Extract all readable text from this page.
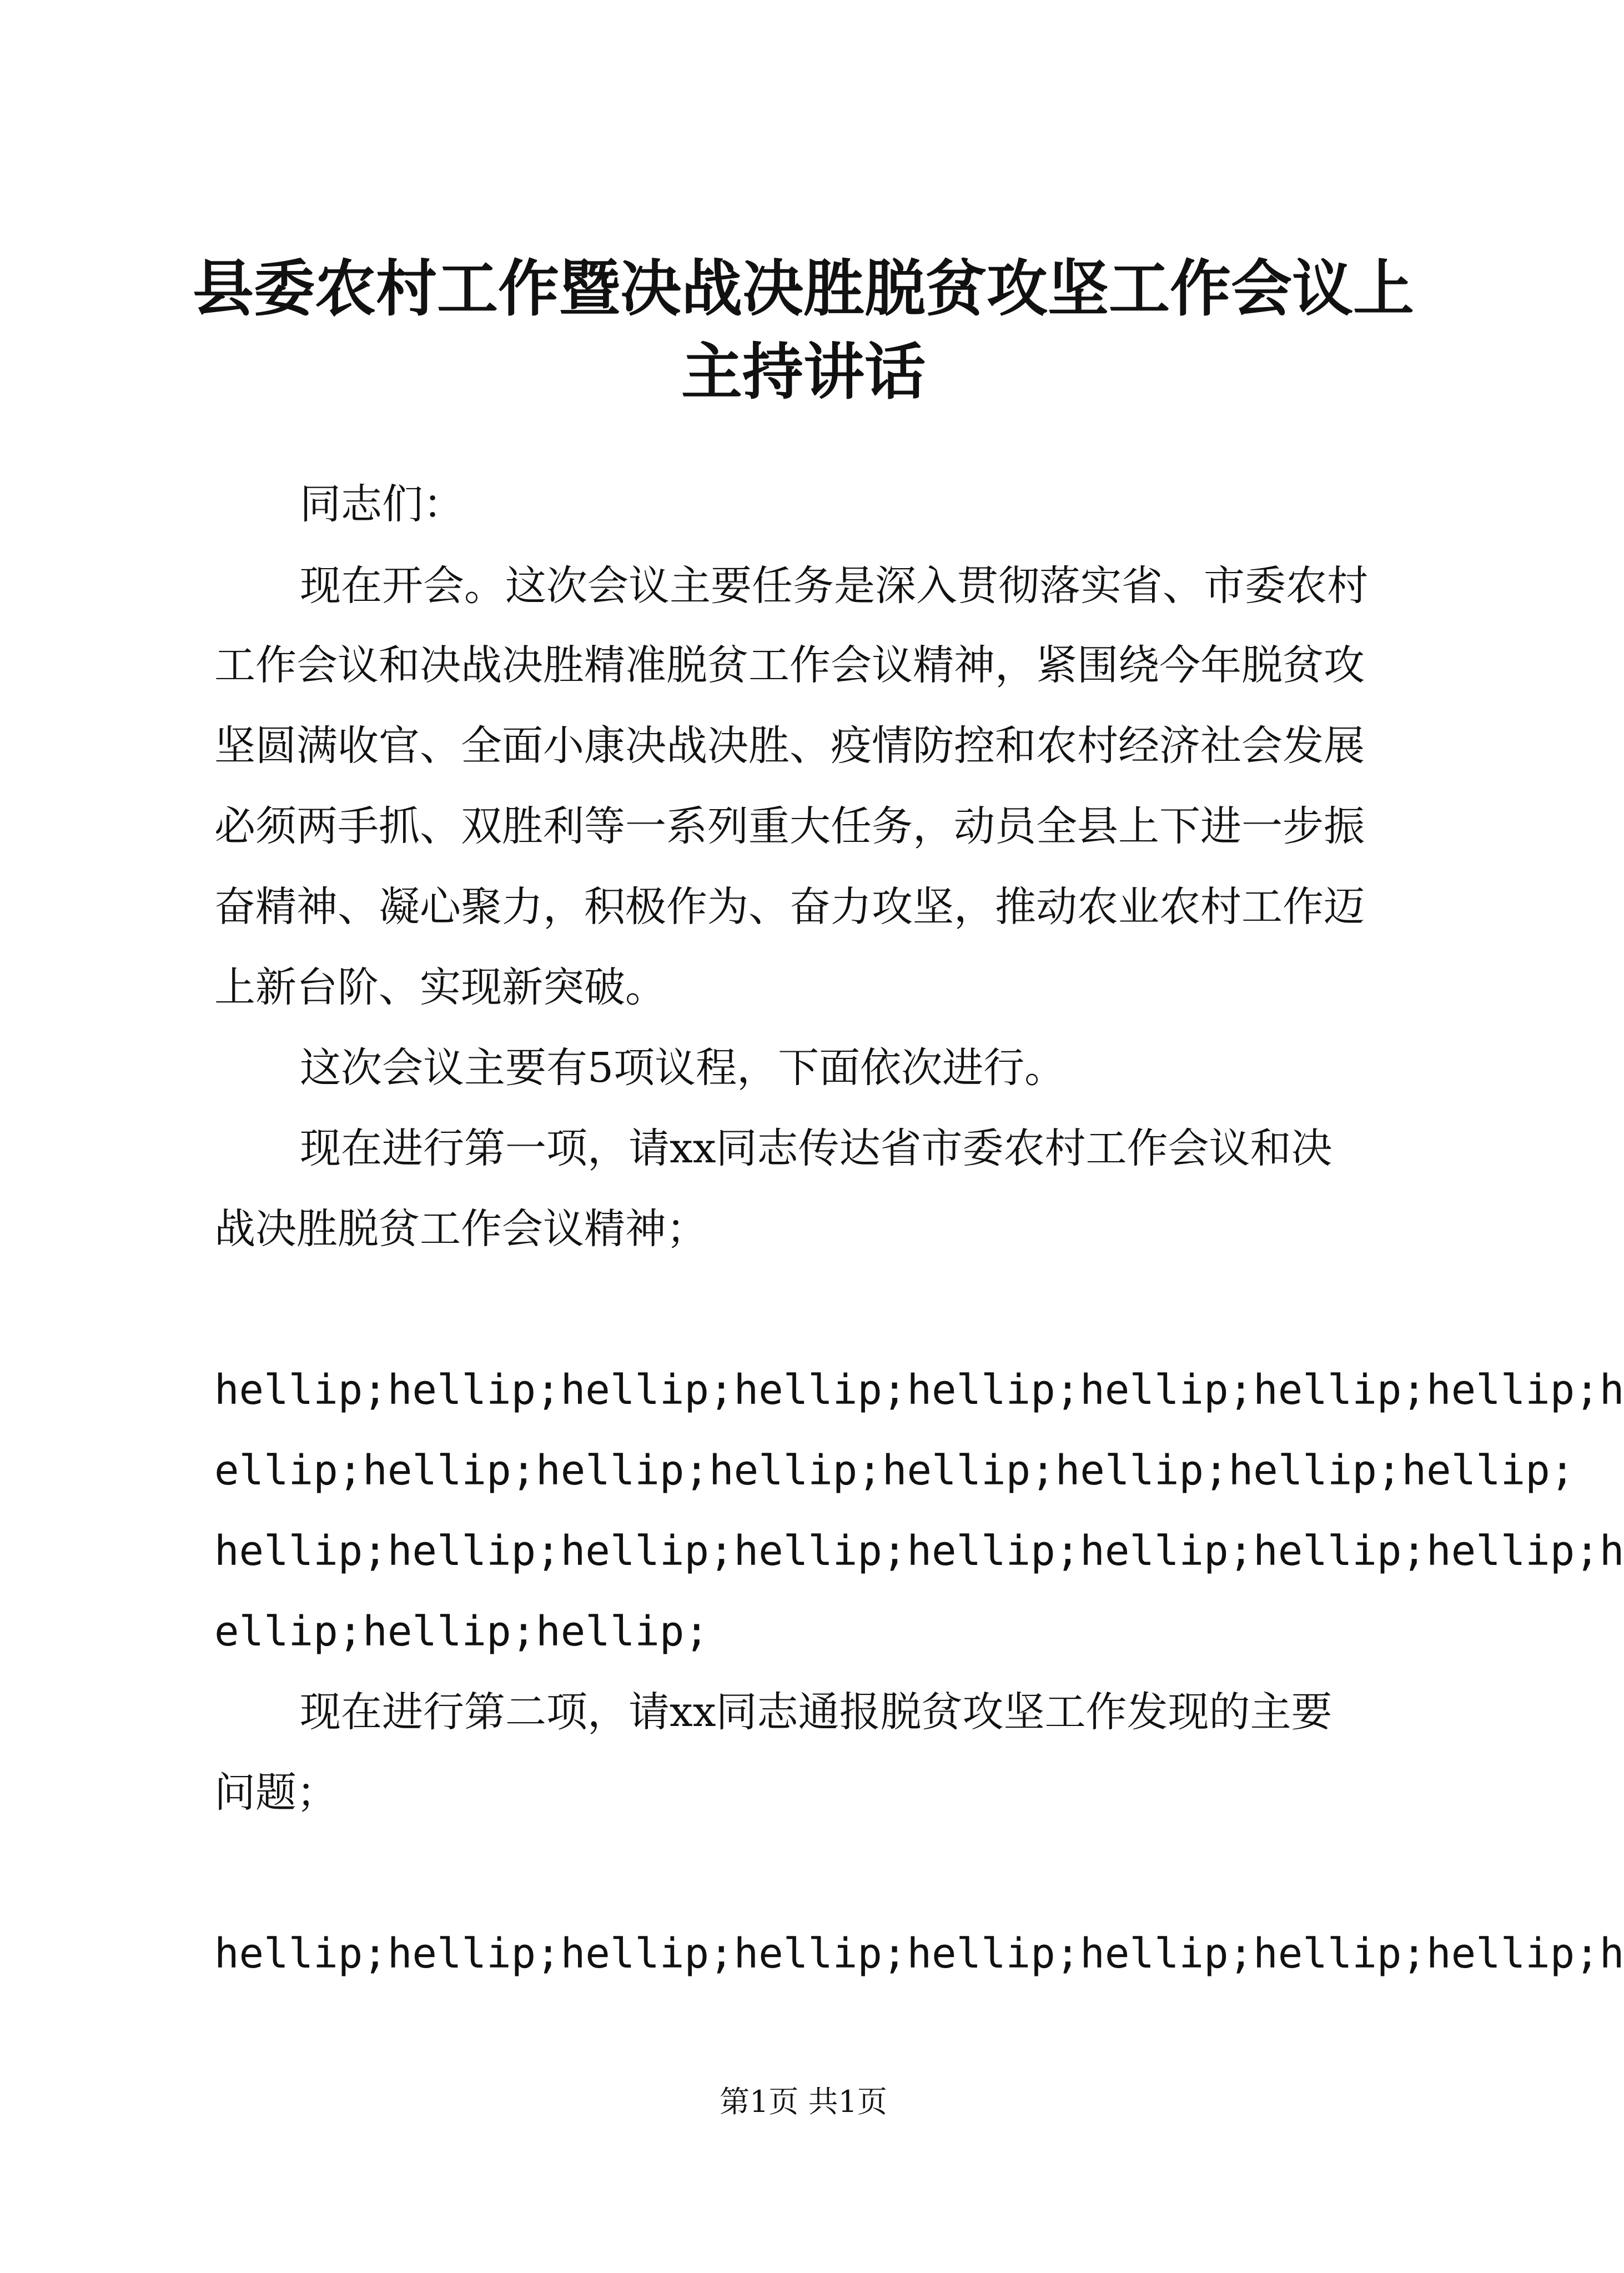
县委农村工作暨决战决胜脱贫攻坚工作会议上
主持讲话

同志们：

现在开会。这次会议主要任务是深入贯彻落实省、市委农村

工作会议和决战决胜精准脱贫工作会议精神，紧围绕今年脱贫攻

坚圆满收官、全面小康决战决胜、疫情防控和农村经济社会发展

必须两手抓、双胜利等一系列重大任务，动员全县上下进一步振

奋精神、凝心聚力，积极作为、奋力攻坚，推动农业农村工作迈

上新台阶、实现新突破。

这次会议主要有5项议程，下面依次进行。

现在进行第一项，请xx同志传达省市委农村工作会议和决

战决胜脱贫工作会议精神；

hellip;hellip;hellip;hellip;hellip;hellip;hellip;hellip;h

ellip;hellip;hellip;hellip;hellip;hellip;hellip;hellip;

hellip;hellip;hellip;hellip;hellip;hellip;hellip;hellip;h

ellip;hellip;hellip;

现在进行第二项，请xx同志通报脱贫攻坚工作发现的主要

问题；

hellip;hellip;hellip;hellip;hellip;hellip;hellip;hellip;h

第1页 共1页
